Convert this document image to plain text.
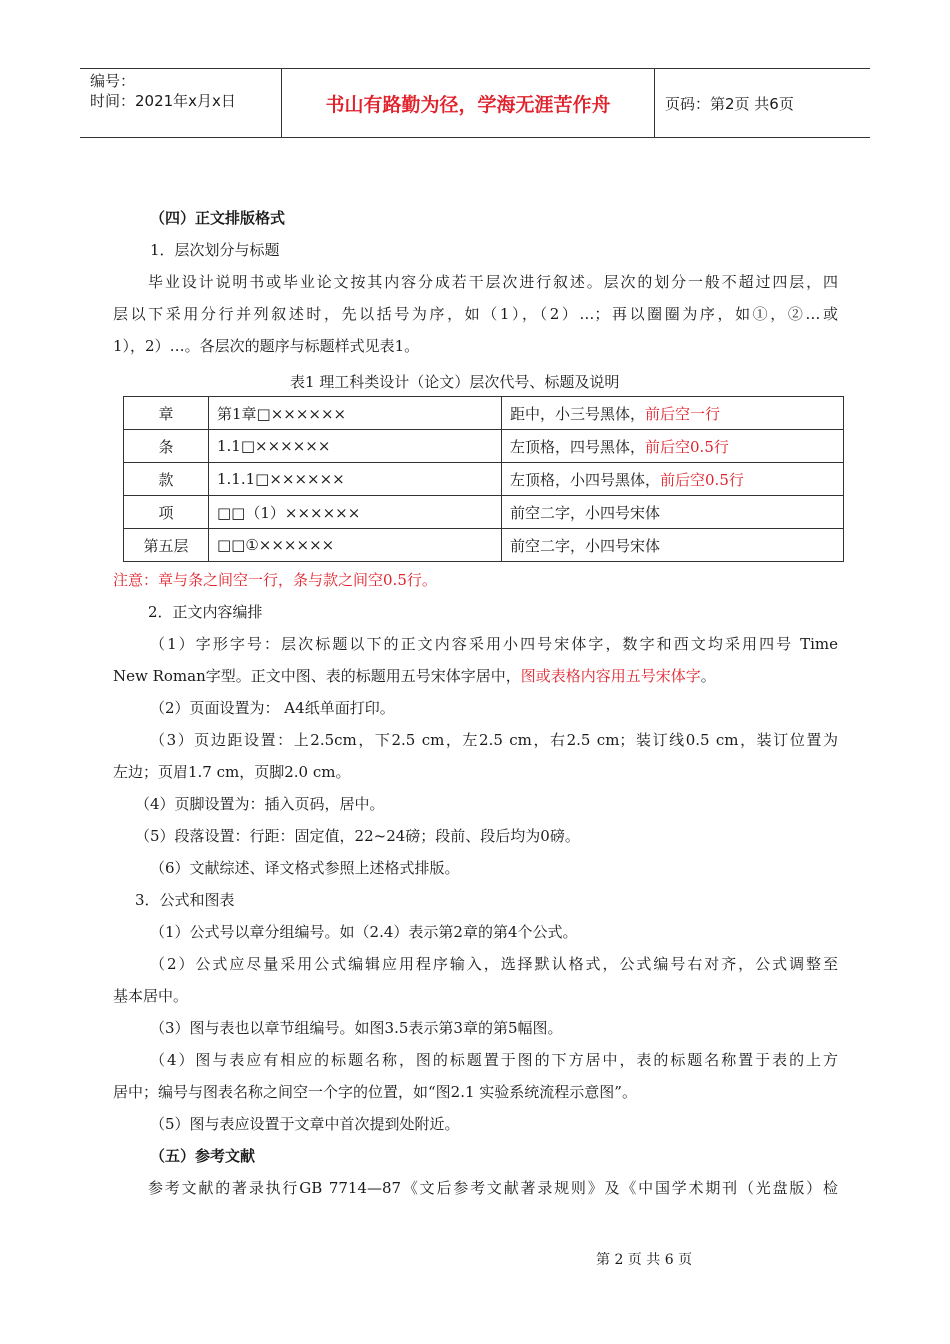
编号：
时间：2021年x月x日	书山有路勤为径，学海无涯苦作舟	页码：第2页 共6页
（四）正文排版格式
1．层次划分与标题
毕业设计说明书或毕业论文按其内容分成若干层次进行叙述。层次的划分一般不超过四层，四
层以下采用分行并列叙述时，先以括号为序，如（1），（2）…；再以圈圈为序，如①，②…或
1），2）…。各层次的题序与标题样式见表1。
表1 理工科类设计（论文）层次代号、标题及说明
章	第1章□××××××	距中，小三号黑体，前后空一行
条	1.1□××××××	左顶格，四号黑体，前后空0.5行
款	1.1.1□××××××	左顶格，小四号黑体，前后空0.5行
项	□□（1）××××××	前空二字，小四号宋体
第五层	□□①××××××	前空二字，小四号宋体
注意：章与条之间空一行，条与款之间空0.5行。
2．正文内容编排
（1）字形字号：层次标题以下的正文内容采用小四号宋体字，数字和西文均采用四号 Time
New Roman字型。正文中图、表的标题用五号宋体字居中，图或表格内容用五号宋体字。
（2）页面设置为： A4纸单面打印。
（3）页边距设置：上2.5cm，下2.5 cm，左2.5 cm，右2.5 cm；装订线0.5 cm，装订位置为
左边；页眉1.7 cm，页脚2.0 cm。
（4）页脚设置为：插入页码，居中。
（5）段落设置：行距：固定值，22~24磅；段前、段后均为0磅。
（6）文献综述、译文格式参照上述格式排版。
3．公式和图表
（1）公式号以章分组编号。如（2.4）表示第2章的第4个公式。
（2）公式应尽量采用公式编辑应用程序输入，选择默认格式，公式编号右对齐，公式调整至
基本居中。
（3）图与表也以章节组编号。如图3.5表示第3章的第5幅图。
（4）图与表应有相应的标题名称，图的标题置于图的下方居中，表的标题名称置于表的上方
居中；编号与图表名称之间空一个字的位置，如“图2.1 实验系统流程示意图”。
（5）图与表应设置于文章中首次提到处附近。
（五）参考文献
参考文献的著录执行GB 7714—87《文后参考文献著录规则》及《中国学术期刊（光盘版）检
第 2 页 共 6 页
